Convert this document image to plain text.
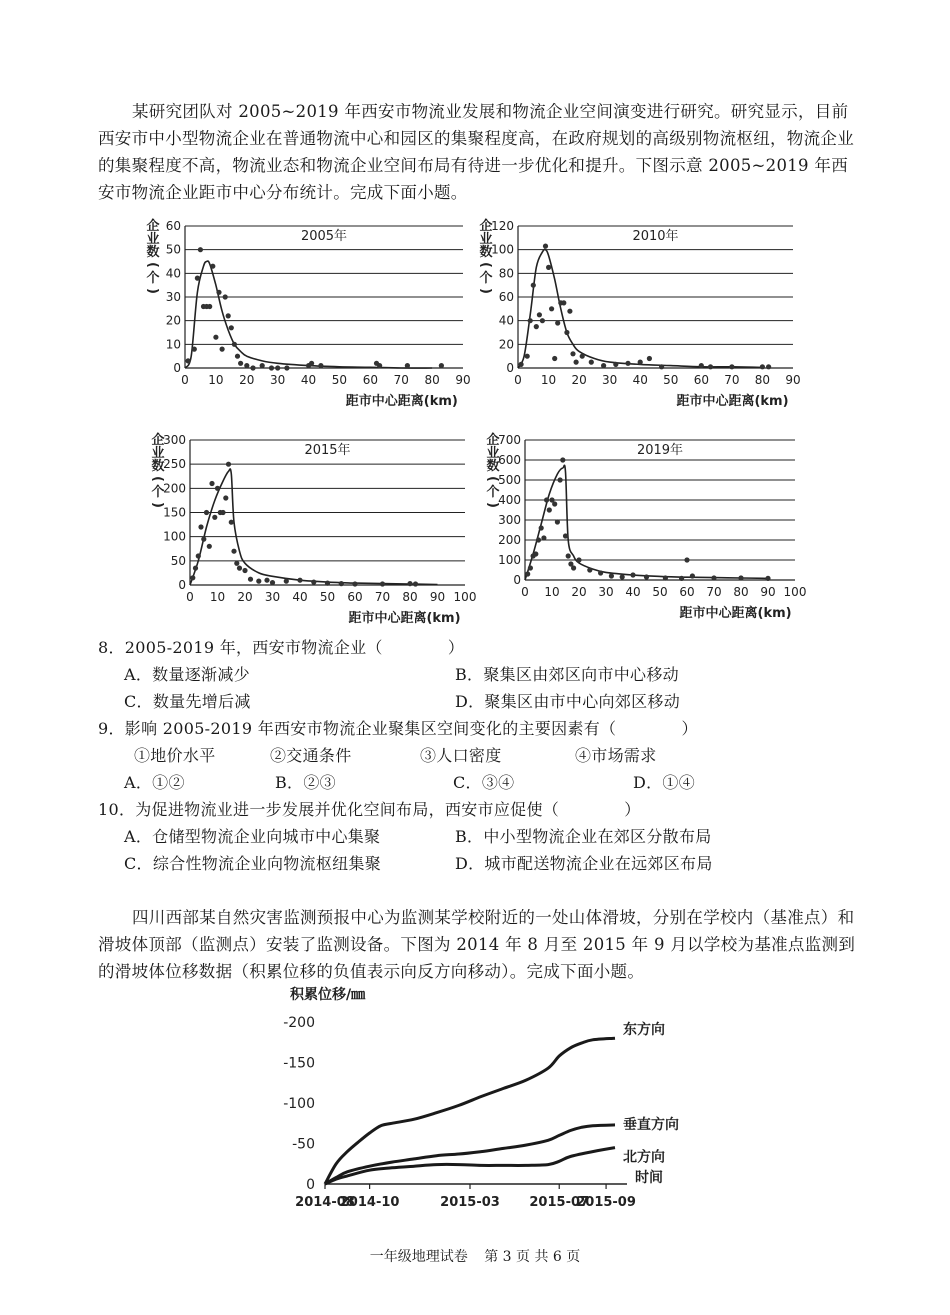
某研究团队对 2005~2019 年西安市物流业发展和物流企业空间演变进行研究。研究显示，目前西安市中小型物流企业在普通物流中心和园区的集聚程度高，在政府规划的高级别物流枢纽，物流企业的集聚程度不高，物流业态和物流企业空间布局有待进一步优化和提升。下图示意 2005~2019 年西安市物流企业距市中心分布统计。完成下面小题。

0
10
20
30
40
50
60
0 10 20 30 40 50 60 70 80 90
企
业
数
(
个
)
距市中心距离(km)
2005年
0
20
40
60
80
100
120
0 10 20 30 40 50 60 70 80 90
企
业
数
(
个
)
距市中心距离(km)
2010年
0
50
100
150
200
250
300
0 10 20 30 40 50 60 70 80 90 100
企
业
数
(
个
)
距市中心距离(km)
2015年
0
100
200
300
400
500
600
700
0 10 20 30 40 50 60 70 80 90 100
企
业
数
(
个
)
距市中心距离(km)
2019年

8．2005-2019 年，西安市物流企业（　　　　）

A．数量逐渐减少	B．聚集区由郊区向市中心移动
C．数量先增后减	D．聚集区由市中心向郊区移动

9．影响 2005-2019 年西安市物流企业聚集区空间变化的主要因素有（　　　　）

①地价水平	②交通条件	③人口密度	④市场需求
A．①②	B．②③	C．③④	D．①④

10．为促进物流业进一步发展并优化空间布局，西安市应促使（　　　　）

A．仓储型物流企业向城市中心集聚	B．中小型物流企业在郊区分散布局
C．综合性物流企业向物流枢纽集聚	D．城市配送物流企业在远郊区布局

四川西部某自然灾害监测预报中心为监测某学校附近的一处山体滑坡，分别在学校内（基准点）和滑坡体顶部（监测点）安装了监测设备。下图为 2014 年 8 月至 2015 年 9 月以学校为基准点监测到的滑坡体位移数据（积累位移的负值表示向反方向移动）。完成下面小题。

积累位移/㎜
0
-50
-100
-150
-200
2014-08
2014-10	2015-03 2015-07
2015-09
时间
东方向
垂直方向
北方向
一年级地理试卷 第 3 页 共 6 页
